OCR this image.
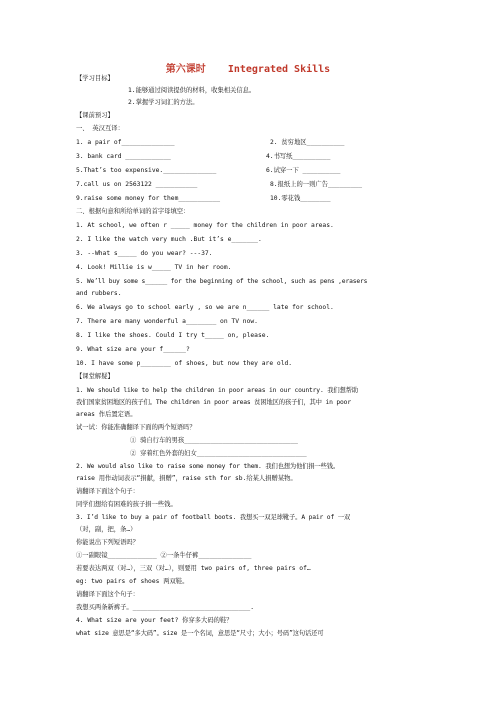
第六课时 Integrated Skills
【学习目标】
1.能够通过阅读提供的材料，收集相关信息。
2.掌握学习词汇的方法。
【课前预习】
一、 英汉互译：
1. a pair of______________	2. 贫穷地区__________
3. bank card ____________	4.书写纸__________
5.That’s too expensive.______________	6.试穿一下 __________
7.call us on 2563122 ___________	8.报纸上的一则广告_________
9.raise some money for them___________	10.零花钱________
二、根据句意和所给单词的首字母填空：
1. At school, we often r _____ money for the children in poor areas.
2. I like the watch very much .But it’s e_______.
3. --What s_____ do you wear? ---37.
4. Look! Millie is w_____ TV in her room.
5. We’ll buy some s______ for the beginning of the school, such as pens ,erasers
and rubbers.
6. We always go to school early , so we are n______ late for school.
7. There are many wonderful a________ on TV now.
8. I like the shoes. Could I try t_____ on, please.
9. What size are your f______?
10. I have some p________ of shoes, but now they are old.
【课堂解疑】
1. We should like to help the children in poor areas in our country. 我们想帮助
我们国家贫困地区的孩子们。The children in poor areas 贫困地区的孩子们，其中 in poor
areas 作后置定语。
试一试：你能准确翻译下面的两个短语吗？
① 骑自行车的男孩______________________________
② 穿着红色外套的妇女_____________________________
2. We would also like to raise some money for them. 我们也想为他们捐一些钱。
raise 用作动词表示“捐献，捐赠”，raise sth for sb.给某人捐赠某物。
请翻译下面这个句子：
同学们想给有困难的孩子捐一些钱。
3. I’d like to buy a pair of football boots. 我想买一双足球靴子。A pair of 一双
（对，副，把，条…）
你能说出下列短语吗？
①一副眼镜_____________ ②一条牛仔裤______________
若要表达两双（对…），三双（对…），则要用 two pairs of, three pairs of…
eg: two pairs of shoes 两双鞋。
请翻译下面这个句子：
我想买两条新裤子。_______________________________.
4. What size are your feet? 你穿多大码的鞋？
what size 意思是“多大码”。size 是一个名词，意思是“尺寸；大小；号码”这句话还可
